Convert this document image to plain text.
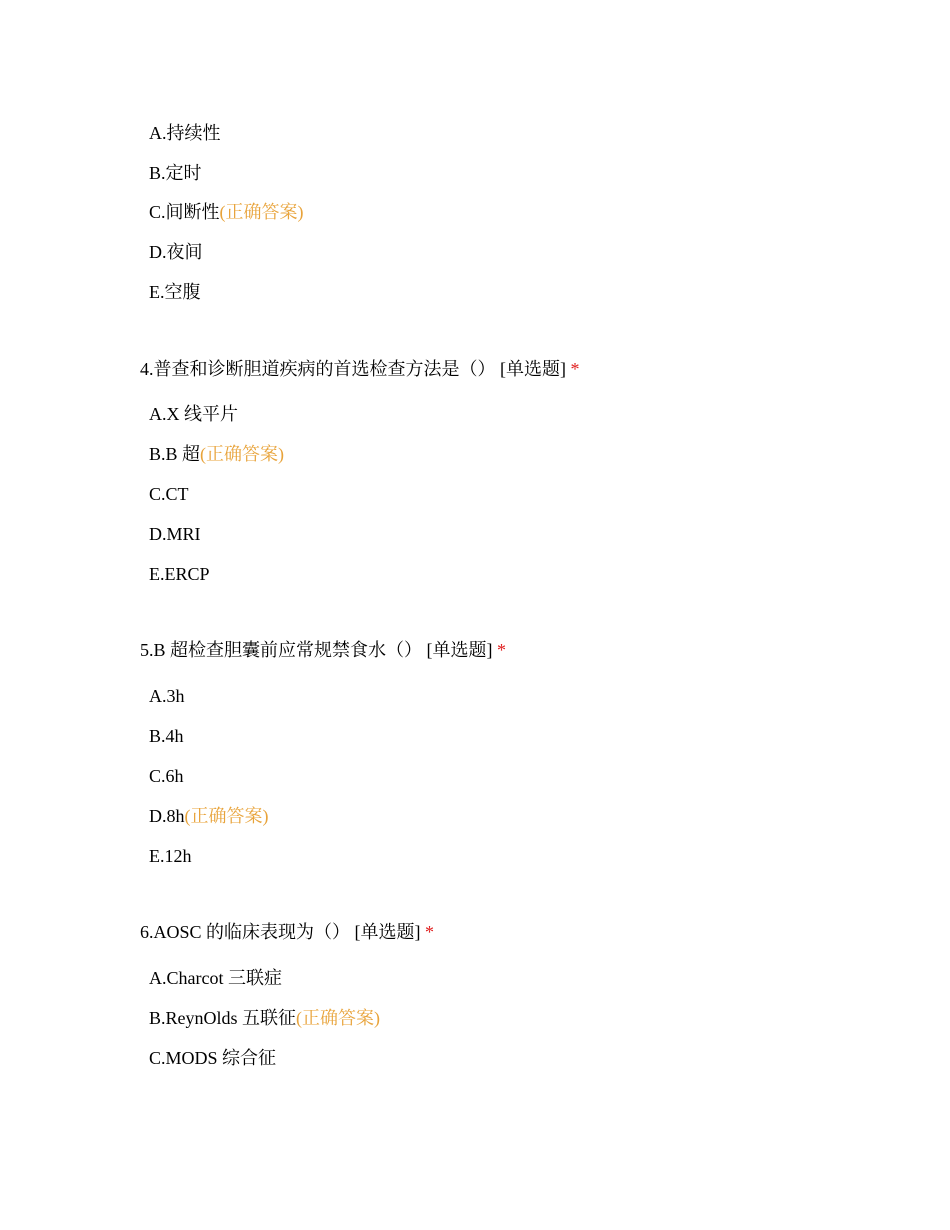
A.持续性
B.定时
C.间断性(正确答案)
D.夜间
E.空腹
4.普查和诊断胆道疾病的首选检查方法是（） [单选题] *
A.X 线平片
B.B 超(正确答案)
C.CT
D.MRI
E.ERCP
5.B 超检查胆囊前应常规禁食水（） [单选题] *
A.3h
B.4h
C.6h
D.8h(正确答案)
E.12h
6.AOSC 的临床表现为（） [单选题] *
A.Charcot 三联症
B.ReynOlds 五联征(正确答案)
C.MODS 综合征
